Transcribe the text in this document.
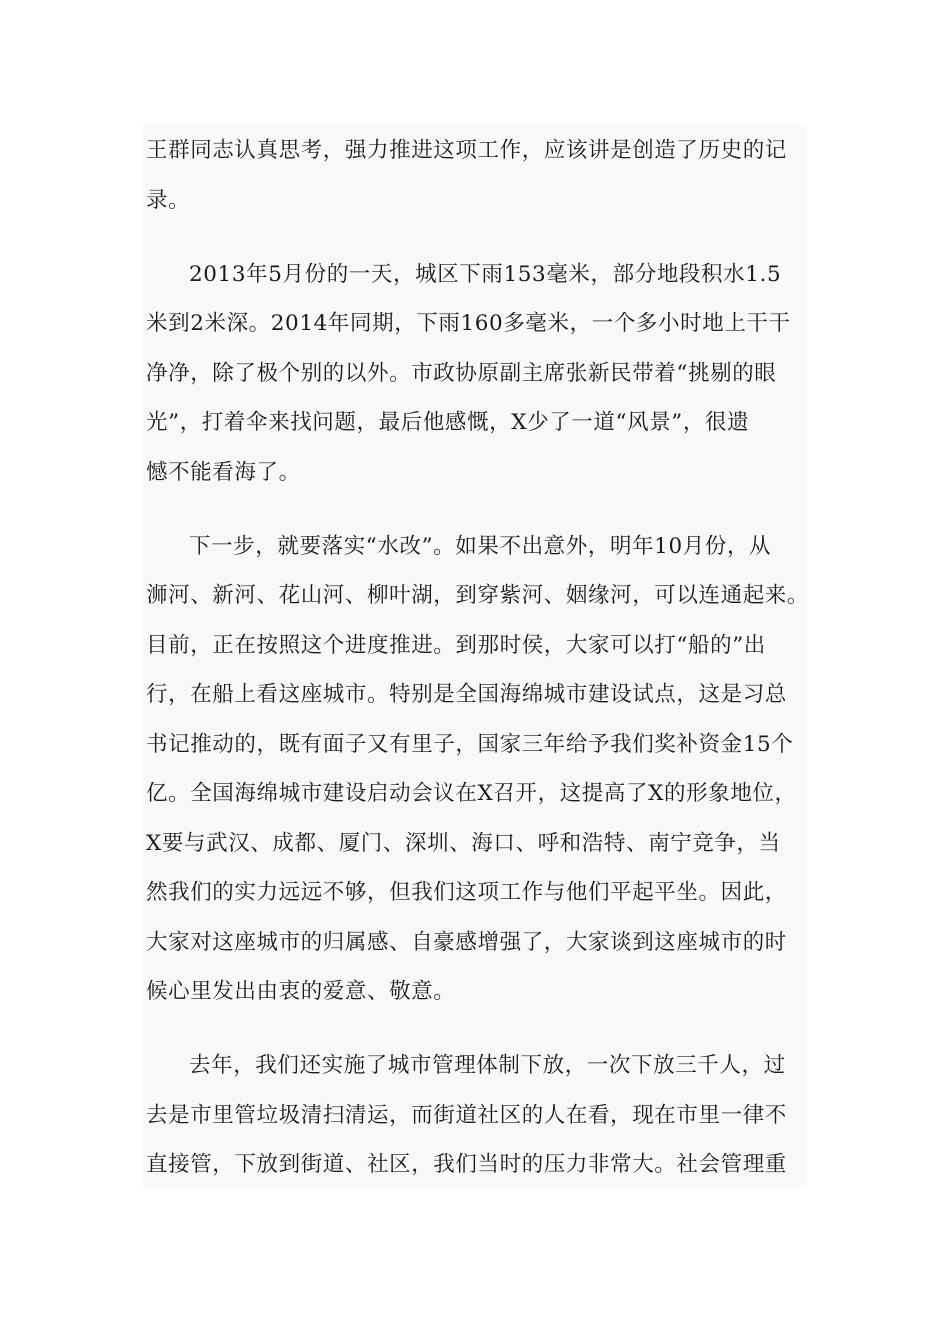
王群同志认真思考，强力推进这项工作，应该讲是创造了历史的记
录。

2013年5月份的一天，城区下雨153毫米，部分地段积水1.5
米到2米深。2014年同期，下雨160多毫米，一个多小时地上干干
净净，除了极个别的以外。市政协原副主席张新民带着“挑剔的眼
光”，打着伞来找问题，最后他感慨，X少了一道“风景”，很遗
憾不能看海了。

下一步，就要落实“水改”。如果不出意外，明年10月份，从
浉河、新河、花山河、柳叶湖，到穿紫河、姻缘河，可以连通起来。
目前，正在按照这个进度推进。到那时侯，大家可以打“船的”出
行，在船上看这座城市。特别是全国海绵城市建设试点，这是习总
书记推动的，既有面子又有里子，国家三年给予我们奖补资金15个
亿。全国海绵城市建设启动会议在X召开，这提高了X的形象地位，
X要与武汉、成都、厦门、深圳、海口、呼和浩特、南宁竞争，当
然我们的实力远远不够，但我们这项工作与他们平起平坐。因此，
大家对这座城市的归属感、自豪感增强了，大家谈到这座城市的时
候心里发出由衷的爱意、敬意。

去年，我们还实施了城市管理体制下放，一次下放三千人，过
去是市里管垃圾清扫清运，而街道社区的人在看，现在市里一律不
直接管，下放到街道、社区，我们当时的压力非常大。社会管理重
